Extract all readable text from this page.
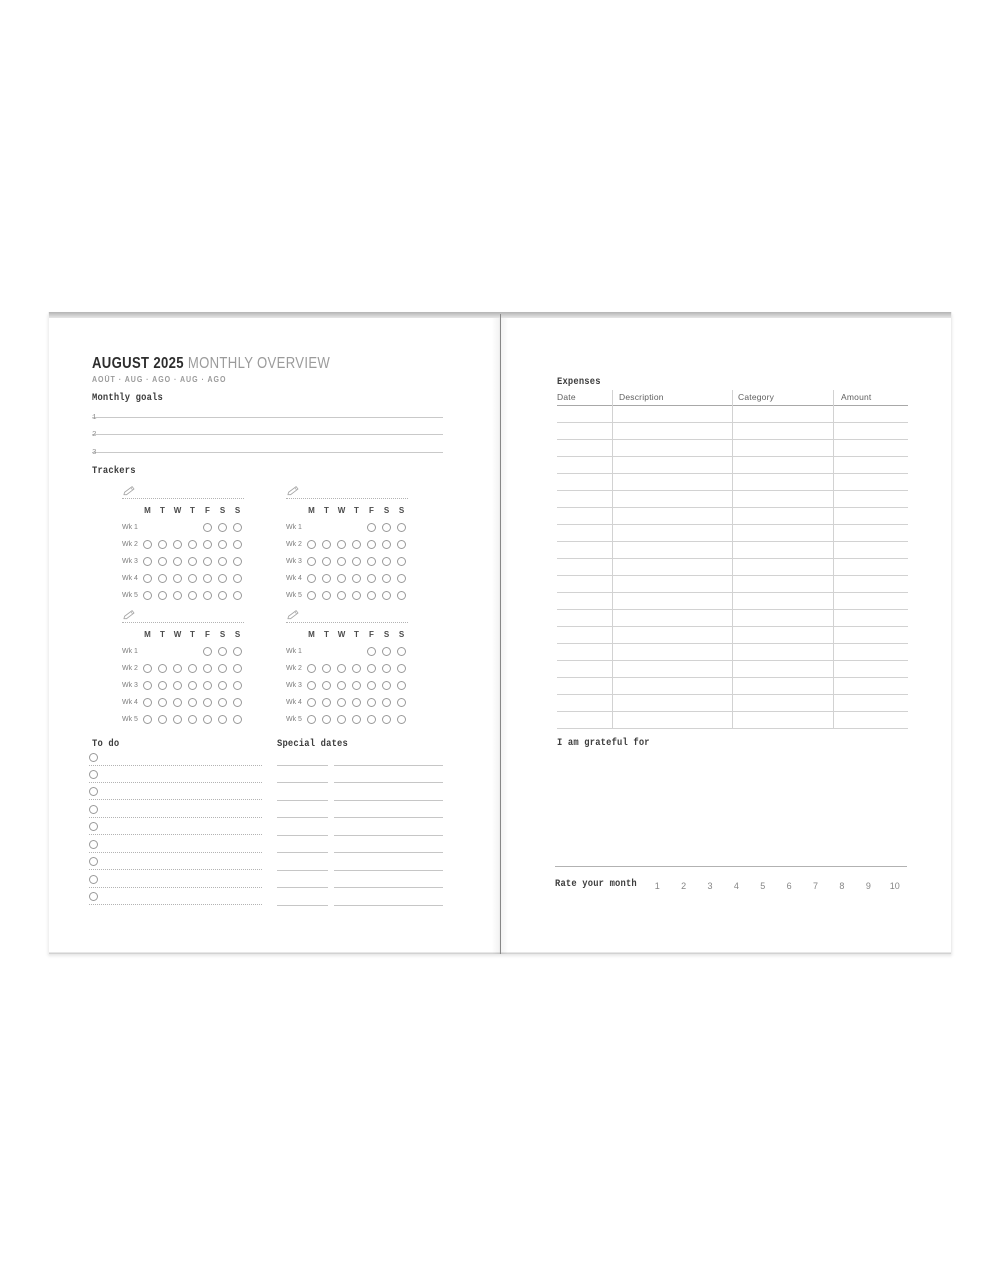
AUGUST 2025 MONTHLY OVERVIEW
AOÛT · AUG · AGO · AUG · AGO
Monthly goals
1
2
3
Trackers
M	T	W	T	F	S	S
Wk 1
Wk 2
Wk 3
Wk 4
Wk 5
M	T	W	T	F	S	S
Wk 1
Wk 2
Wk 3
Wk 4
Wk 5
M	T	W	T	F	S	S
Wk 1
Wk 2
Wk 3
Wk 4
Wk 5
M	T	W	T	F	S	S
Wk 1
Wk 2
Wk 3
Wk 4
Wk 5
To do	Special dates
Expenses
Date	Description	Category	Amount
I am grateful for
Rate your month	1	2	3	4	5	6	7	8	9	10
